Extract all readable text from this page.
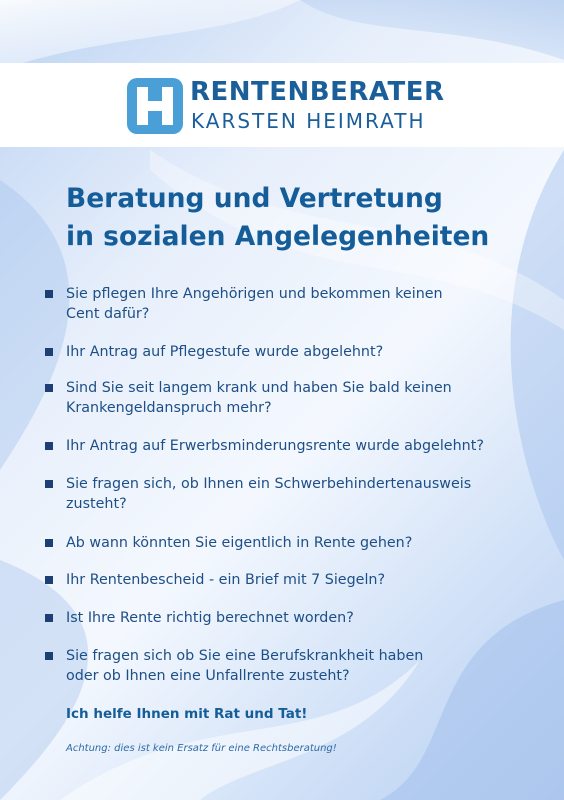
RENTENBERATER
KARSTEN HEIMRATH
Beratung und Vertretung
in sozialen Angelegenheiten
Sie pflegen Ihre Angehörigen und bekommen keinen
Cent dafür?
Ihr Antrag auf Pflegestufe wurde abgelehnt?
Sind Sie seit langem krank und haben Sie bald keinen
Krankengeldanspruch mehr?
Ihr Antrag auf Erwerbsminderungsrente wurde abgelehnt?
Sie fragen sich, ob Ihnen ein Schwerbehindertenausweis
zusteht?
Ab wann könnten Sie eigentlich in Rente gehen?
Ihr Rentenbescheid - ein Brief mit 7 Siegeln?
Ist Ihre Rente richtig berechnet worden?
Sie fragen sich ob Sie eine Berufskrankheit haben
oder ob Ihnen eine Unfallrente zusteht?
Ich helfe Ihnen mit Rat und Tat!
Achtung: dies ist kein Ersatz für eine Rechtsberatung!
